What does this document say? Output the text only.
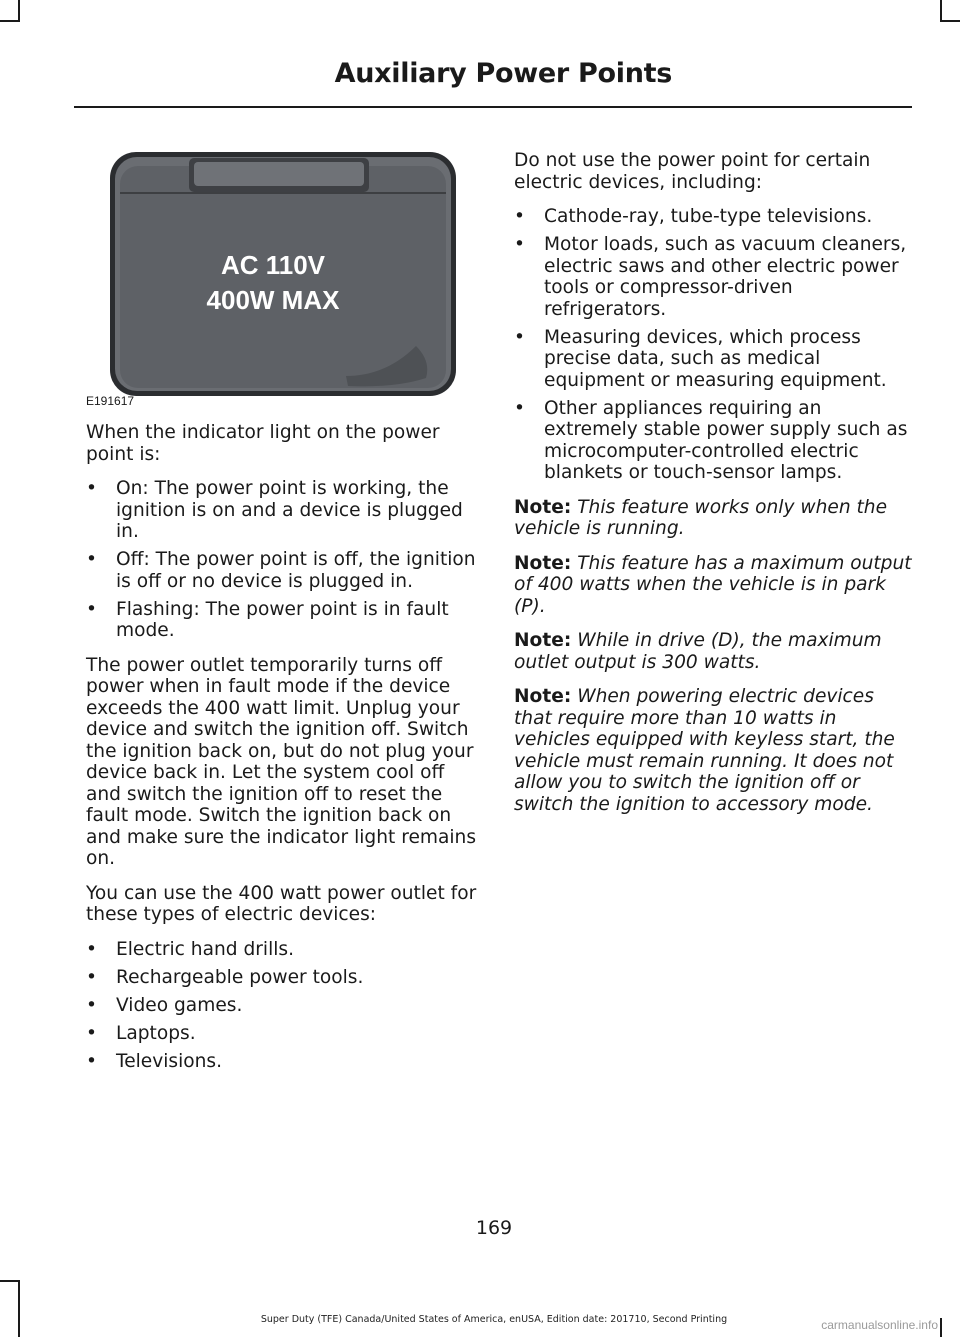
Auxiliary Power Points
AC 110V
400W MAX
E191617

When the indicator light on the power point is:

• On: The power point is working, the ignition is on and a device is plugged in.
• Off: The power point is off, the ignition is off or no device is plugged in.
• Flashing: The power point is in fault mode.

The power outlet temporarily turns off power when in fault mode if the device exceeds the 400 watt limit. Unplug your device and switch the ignition off. Switch the ignition back on, but do not plug your device back in. Let the system cool off and switch the ignition off to reset the fault mode. Switch the ignition back on and make sure the indicator light remains on.

You can use the 400 watt power outlet for these types of electric devices:

• Electric hand drills.
• Rechargeable power tools.
• Video games.
• Laptops.
• Televisions.

Do not use the power point for certain electric devices, including:

• Cathode-ray, tube-type televisions.
• Motor loads, such as vacuum cleaners, electric saws and other electric power tools or compressor-driven refrigerators.
• Measuring devices, which process precise data, such as medical equipment or measuring equipment.
• Other appliances requiring an extremely stable power supply such as microcomputer-controlled electric blankets or touch-sensor lamps.

Note: This feature works only when the vehicle is running.

Note: This feature has a maximum output of 400 watts when the vehicle is in park (P).

Note: While in drive (D), the maximum outlet output is 300 watts.

Note: When powering electric devices that require more than 10 watts in vehicles equipped with keyless start, the vehicle must remain running. It does not allow you to switch the ignition off or switch the ignition to accessory mode.

169
Super Duty (TFE) Canada/United States of America, enUSA, Edition date: 201710, Second Printing	carmanualsonline.info
